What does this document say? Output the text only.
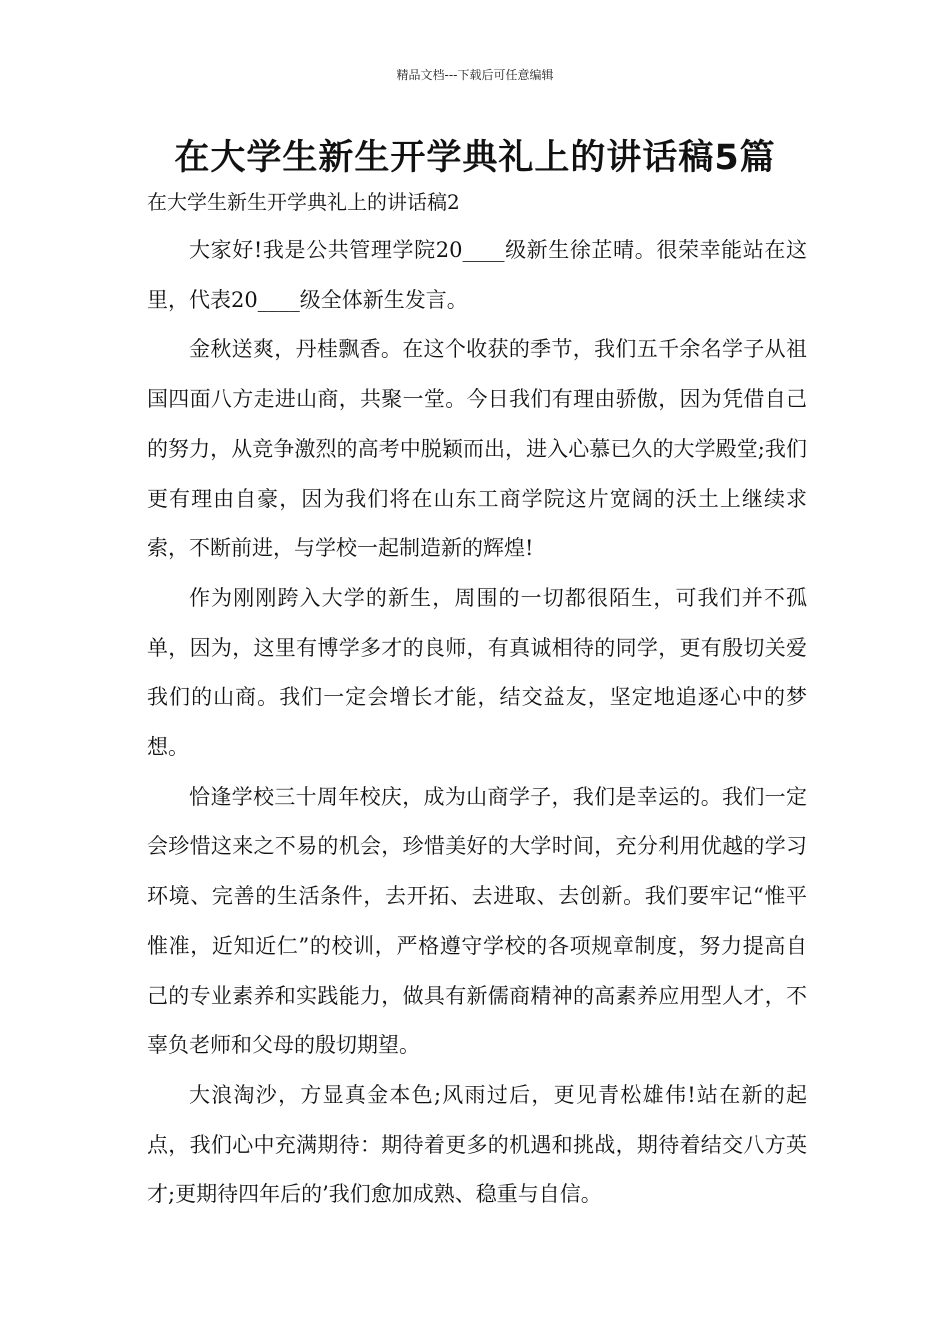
精品文档---下载后可任意编辑
在大学生新生开学典礼上的讲话稿5篇
在大学生新生开学典礼上的讲话稿2

大家好!我是公共管理学院20____级新生徐芷晴。很荣幸能站在这里，代表20____级全体新生发言。

金秋送爽，丹桂飘香。在这个收获的季节，我们五千余名学子从祖国四面八方走进山商，共聚一堂。今日我们有理由骄傲，因为凭借自己的努力，从竞争激烈的高考中脱颖而出，进入心慕已久的大学殿堂;我们更有理由自豪，因为我们将在山东工商学院这片宽阔的沃土上继续求索，不断前进，与学校一起制造新的辉煌!

作为刚刚跨入大学的新生，周围的一切都很陌生，可我们并不孤单，因为，这里有博学多才的良师，有真诚相待的同学，更有殷切关爱我们的山商。我们一定会增长才能，结交益友，坚定地追逐心中的梦想。

恰逢学校三十周年校庆，成为山商学子，我们是幸运的。我们一定会珍惜这来之不易的机会，珍惜美好的大学时间，充分利用优越的学习环境、完善的生活条件，去开拓、去进取、去创新。我们要牢记“惟平惟准，近知近仁”的校训，严格遵守学校的各项规章制度，努力提高自己的专业素养和实践能力，做具有新儒商精神的高素养应用型人才，不辜负老师和父母的殷切期望。

大浪淘沙，方显真金本色;风雨过后，更见青松雄伟!站在新的起点，我们心中充满期待：期待着更多的机遇和挑战，期待着结交八方英才;更期待四年后的’我们愈加成熟、稳重与自信。
